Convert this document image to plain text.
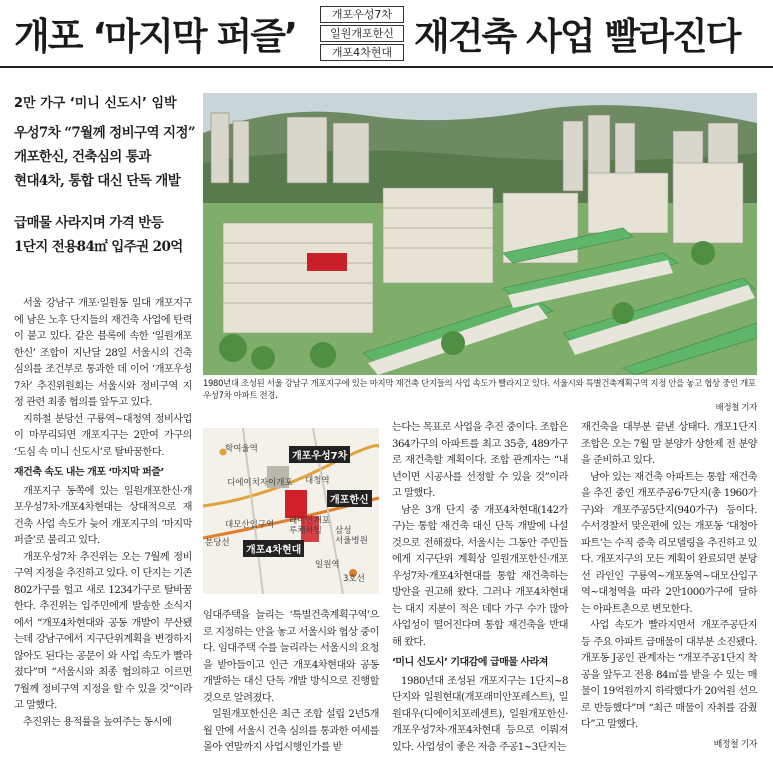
개포 ‘마지막 퍼즐’
개포우성7차
일원개포한신
개포4차현대 재건축 사업 빨라진다
2만 가구 ‘미니 신도시’ 임박

우성7차 “7월께 정비구역 지정”

개포한신, 건축심의 통과

현대4차, 통합 대신 단독 개발

급매물 사라지며 가격 반등

1단지 전용84㎡ 입주권 20억

1980년대 조성된 서울 강남구 개포지구에 있는 마지막 재건축 단지들의 사업 속도가 빨라지고 있다. 서울시와 특별건축계획구역 지정 안을 놓고 협상 중인 개포우성7차 아파트 전경.
배정철 기자

서울 강남구 개포·일원동 일대 개포지구에 남은 노후 단지들의 재건축 사업에 탄력이 붙고 있다. 같은 블록에 속한 ‘일원개포한신’ 조합이 지난달 28일 서울시의 건축 심의를 조건부로 통과한 데 이어 ‘개포우성7차’ 추진위원회는 서울시와 정비구역 지정 관련 최종 협의를 앞두고 있다.

지하철 분당선 구룡역~대청역 정비사업이 마무리되면 개포지구는 2만여 가구의 ‘도심 속 미니 신도시’로 탈바꿈한다.

재건축 속도 내는 개포 ‘마지막 퍼즐’

개포지구 동쪽에 있는 일원개포한신·개포우성7차·개포4차현대는 상대적으로 재건축 사업 속도가 늦어 개포지구의 ‘마지막 퍼즐’로 불리고 있다.

개포우성7차 추진위는 오는 7월께 정비구역 지정을 추진하고 있다. 이 단지는 기존 802가구를 헐고 새로 1234가구로 탈바꿈한다. 추진위는 입주민에게 발송한 소식지에서 “개포4차현대와 공동 개발이 무산됐는데 강남구에서 지구단위계획을 변경하지 않아도 된다는 공문이 와 사업 속도가 빨라졌다”며 “서울시와 최종 협의하고 이르면 7월께 정비구역 지정을 할 수 있을 것”이라고 말했다.

추진위는 용적률을 높여주는 동시에

학여울역
디에이치자이개포 대청역
대모산입구역 래미안개포
루체하임	삼성
서울병원
분당선
일원역
3호선
개포우성7차
개포한신
개포4차현대

임대주택을 늘리는 ‘특별건축계획구역’으로 지정하는 안을 놓고 서울시와 협상 중이다. 임대주택 수를 늘리라는 서울시의 요청을 받아들이고 인근 개포4차현대와 공동 개발하는 대신 단독 개발 방식으로 진행할 것으로 알려졌다.

일원개포한신은 최근 조합 설립 2년5개월 만에 서울시 건축 심의를 통과한 여세를 몰아 연말까지 사업시행인가를 받

는다는 목표로 사업을 추진 중이다. 조합은 364가구의 아파트를 최고 35층, 489가구로 재건축할 계획이다. 조합 관계자는 “내년이면 시공사를 선정할 수 있을 것”이라고 말했다.

남은 3개 단지 중 개포4차현대(142가구)는 통합 재건축 대신 단독 개발에 나설 것으로 전해졌다. 서울시는 그동안 주민들에게 지구단위 계획상 일원개포한신·개포우성7차·개포4차현대를 통합 재건축하는 방안을 권고해 왔다. 그러나 개포4차현대는 대지 지분이 적은 데다 가구 수가 많아 사업성이 떨어진다며 통합 재건축을 반대해 왔다.

‘미니 신도시’ 기대감에 급매물 사라져

1980년대 조성된 개포지구는 1단지~8단지와 일원현대(개포래미안포레스트), 일원대우(디에이치포레센트), 일원개포한신·개포우성7차·개포4차현대 등으로 이뤄져 있다. 사업성이 좋은 저층 주공1~3단지는

재건축을 대부분 끝낸 상태다. 개포1단지 조합은 오는 7월 말 분양가 상한제 전 분양을 준비하고 있다.

남아 있는 재건축 아파트는 통합 재건축을 추진 중인 개포주공6·7단지(총 1960가구)와 개포주공5단지(940가구) 등이다. 수서경찰서 맞은편에 있는 개포동 ‘대청아파트’는 수직 증축 리모델링을 추진하고 있다. 개포지구의 모든 계획이 완료되면 분당선 라인인 구룡역~개포동역~대모산입구역~대청역을 따라 2만1000가구에 달하는 아파트촌으로 변모한다.

사업 속도가 빨라지면서 개포주공단지 등 주요 아파트 급매물이 대부분 소진됐다. 개포동 J공인 관계자는 “개포주공1단지 착공을 앞두고 전용 84㎡를 받을 수 있는 매물이 19억원까지 하락했다가 20억원 선으로 반등했다”며 “최근 매물이 자취를 감췄다”고 말했다.

배정철 기자
